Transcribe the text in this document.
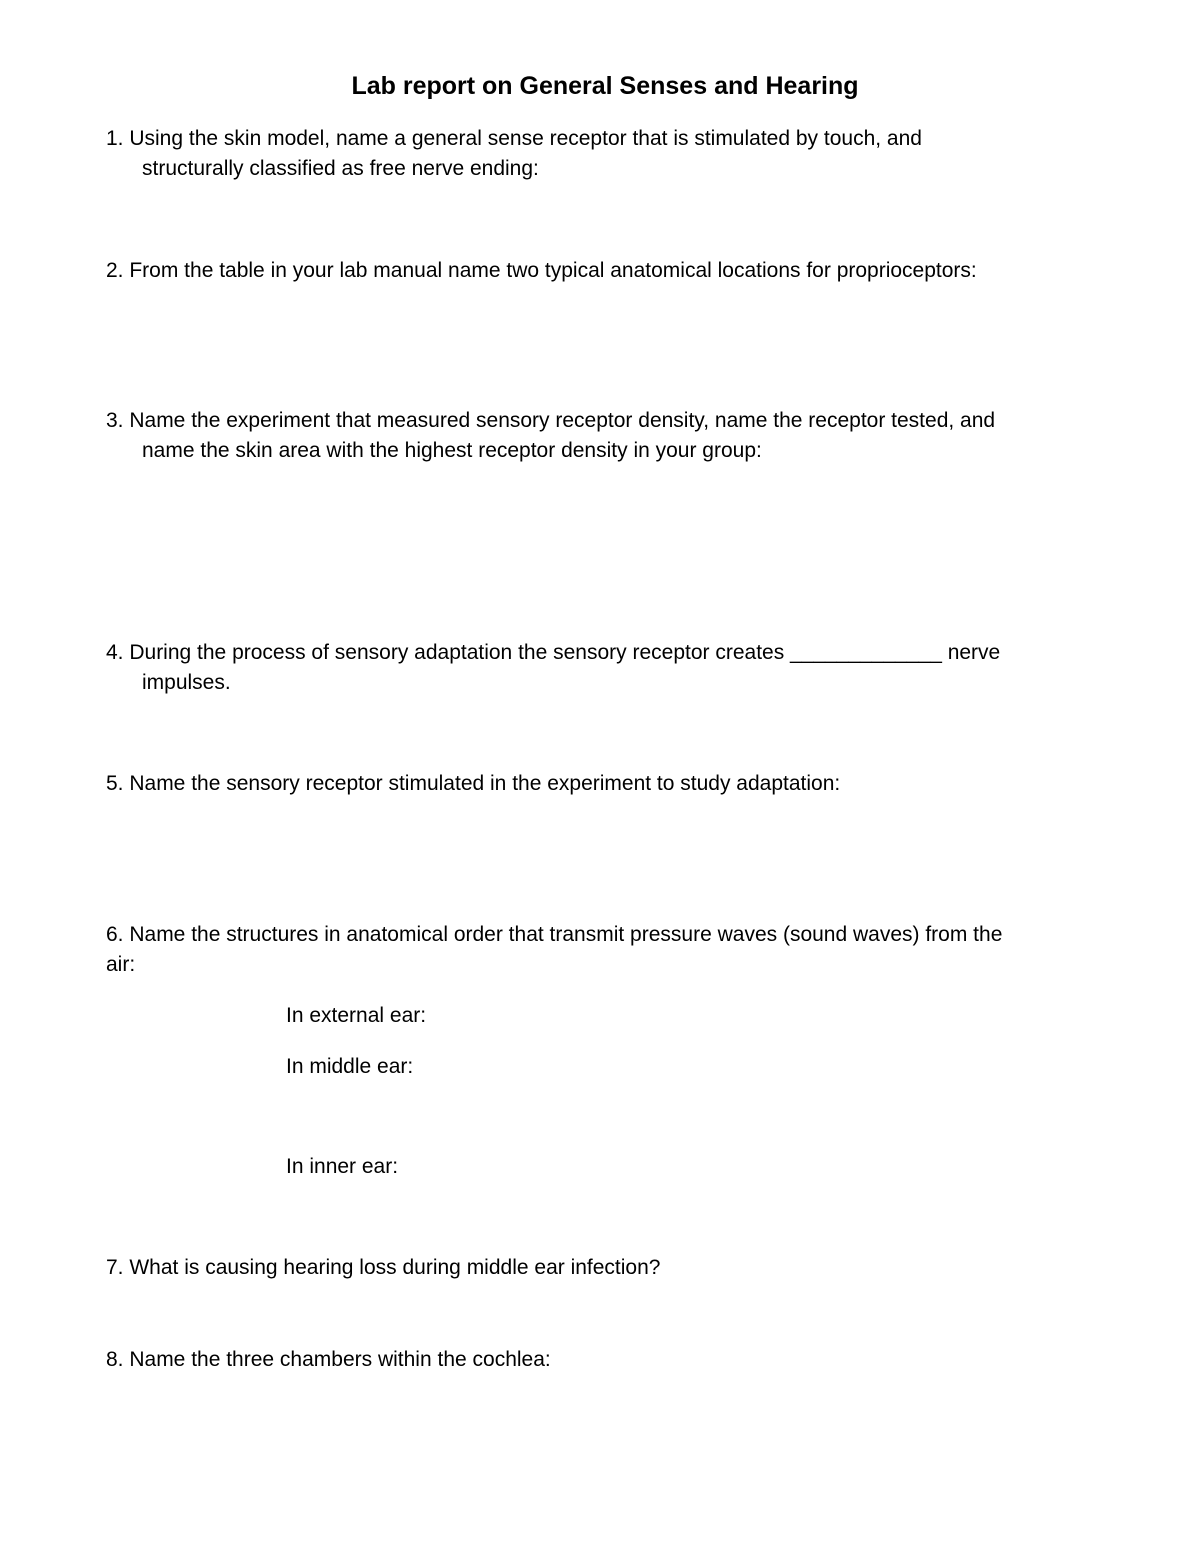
Lab report on General Senses and Hearing

1. Using the skin model, name a general sense receptor that is stimulated by touch, and
structurally classified as free nerve ending:

2. From the table in your lab manual name two typical anatomical locations for proprioceptors:

3. Name the experiment that measured sensory receptor density, name the receptor tested, and
name the skin area with the highest receptor density in your group:

4. During the process of sensory adaptation the sensory receptor creates _____________ nerve
impulses.

5. Name the sensory receptor stimulated in the experiment to study adaptation:

6. Name the structures in anatomical order that transmit pressure waves (sound waves) from the
air:

In external ear:

In middle ear:

In inner ear:

7. What is causing hearing loss during middle ear infection?

8. Name the three chambers within the cochlea:
